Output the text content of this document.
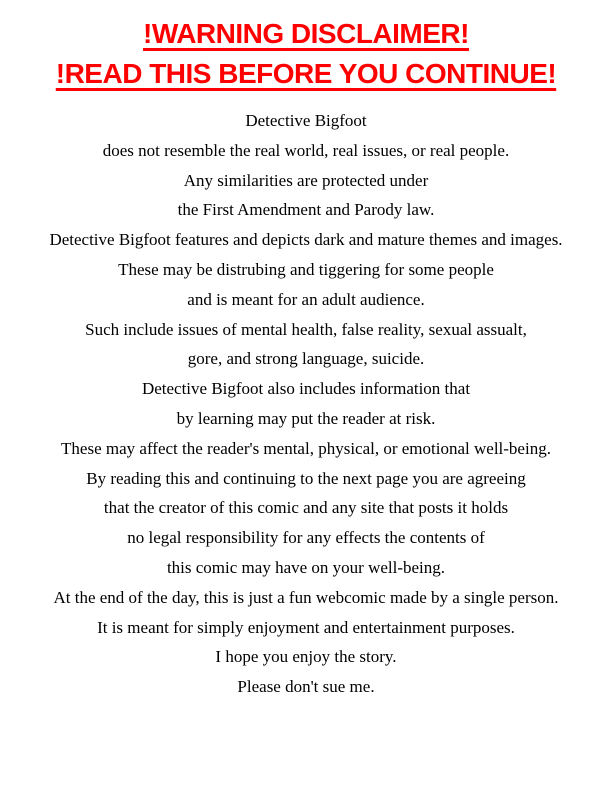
!WARNING DISCLAIMER!
!READ THIS BEFORE YOU CONTINUE!
Detective Bigfoot
does not resemble the real world, real issues, or real people.
Any similarities are protected under
the First Amendment and Parody law.
Detective Bigfoot features and depicts dark and mature themes and images.
These may be distrubing and tiggering for some people
and is meant for an adult audience.
Such include issues of mental health, false reality, sexual assualt,
gore, and strong language, suicide.
Detective Bigfoot also includes information that
by learning may put the reader at risk.
These may affect the reader's mental, physical, or emotional well-being.
By reading this and continuing to the next page you are agreeing
that the creator of this comic and any site that posts it holds
no legal responsibility for any effects the contents of
this comic may have on your well-being.
At the end of the day, this is just a fun webcomic made by a single person.
It is meant for simply enjoyment and entertainment purposes.
I hope you enjoy the story.
Please don't sue me.
